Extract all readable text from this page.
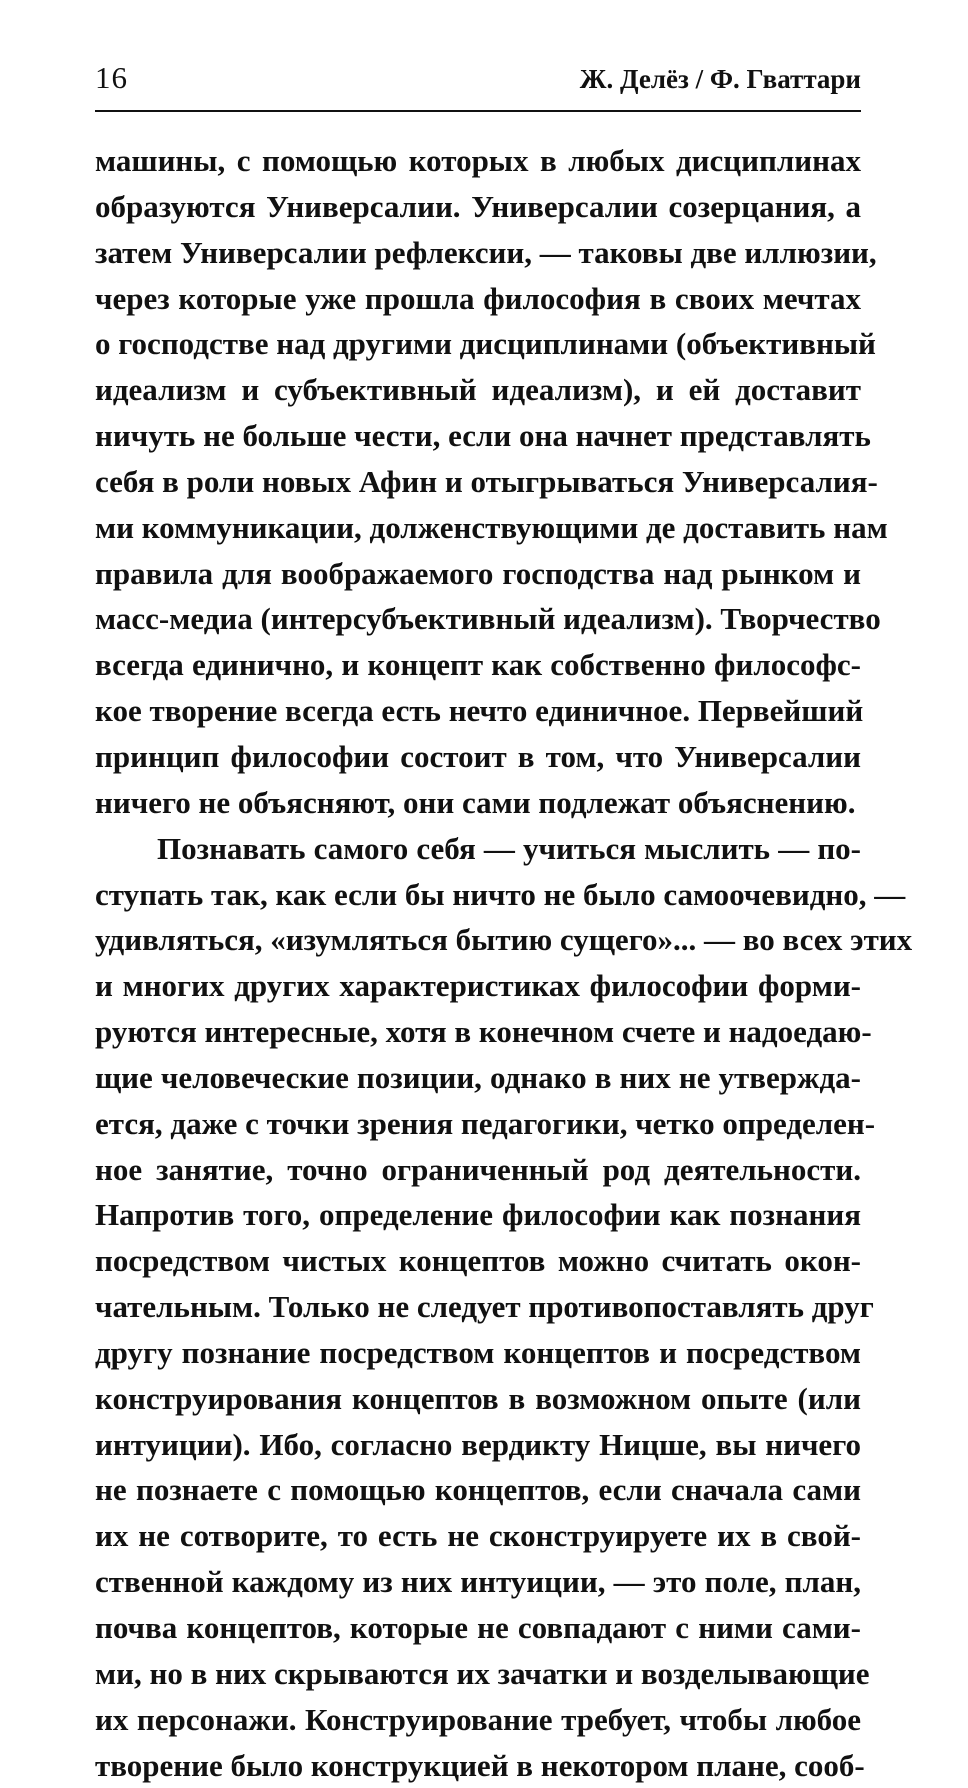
16	Ж. Делёз / Ф. Гваттари
машины, с помощью которых в любых дисциплинах
образуются Универсалии. Универсалии созерцания, а
затем Универсалии рефлексии, — таковы две иллюзии,
через которые уже прошла философия в своих мечтах
о господстве над другими дисциплинами (объективный
идеализм и субъективный идеализм), и ей доставит
ничуть не больше чести, если она начнет представлять
себя в роли новых Афин и отыгрываться Универсалия-
ми коммуникации, долженствующими де доставить нам
правила для воображаемого господства над рынком и
масс-медиа (интерсубъективный идеализм). Творчество
всегда единично, и концепт как собственно философс-
кое творение всегда есть нечто единичное. Первейший
принцип философии состоит в том, что Универсалии
ничего не объясняют, они сами подлежат объяснению.
Познавать самого себя — учиться мыслить — по-
ступать так, как если бы ничто не было самоочевидно, —
удивляться, «изумляться бытию сущего»... — во всех этих
и многих других характеристиках философии форми-
руются интересные, хотя в конечном счете и надоедаю-
щие человеческие позиции, однако в них не утвержда-
ется, даже с точки зрения педагогики, четко определен-
ное занятие, точно ограниченный род деятельности.
Напротив того, определение философии как познания
посредством чистых концептов можно считать окон-
чательным. Только не следует противопоставлять друг
другу познание посредством концептов и посредством
конструирования концептов в возможном опыте (или
интуиции). Ибо, согласно вердикту Ницше, вы ничего
не познаете с помощью концептов, если сначала сами
их не сотворите, то есть не сконструируете их в свой-
ственной каждому из них интуиции, — это поле, план,
почва концептов, которые не совпадают с ними сами-
ми, но в них скрываются их зачатки и возделывающие
их персонажи. Конструирование требует, чтобы любое
творение было конструкцией в некотором плане, сооб-
